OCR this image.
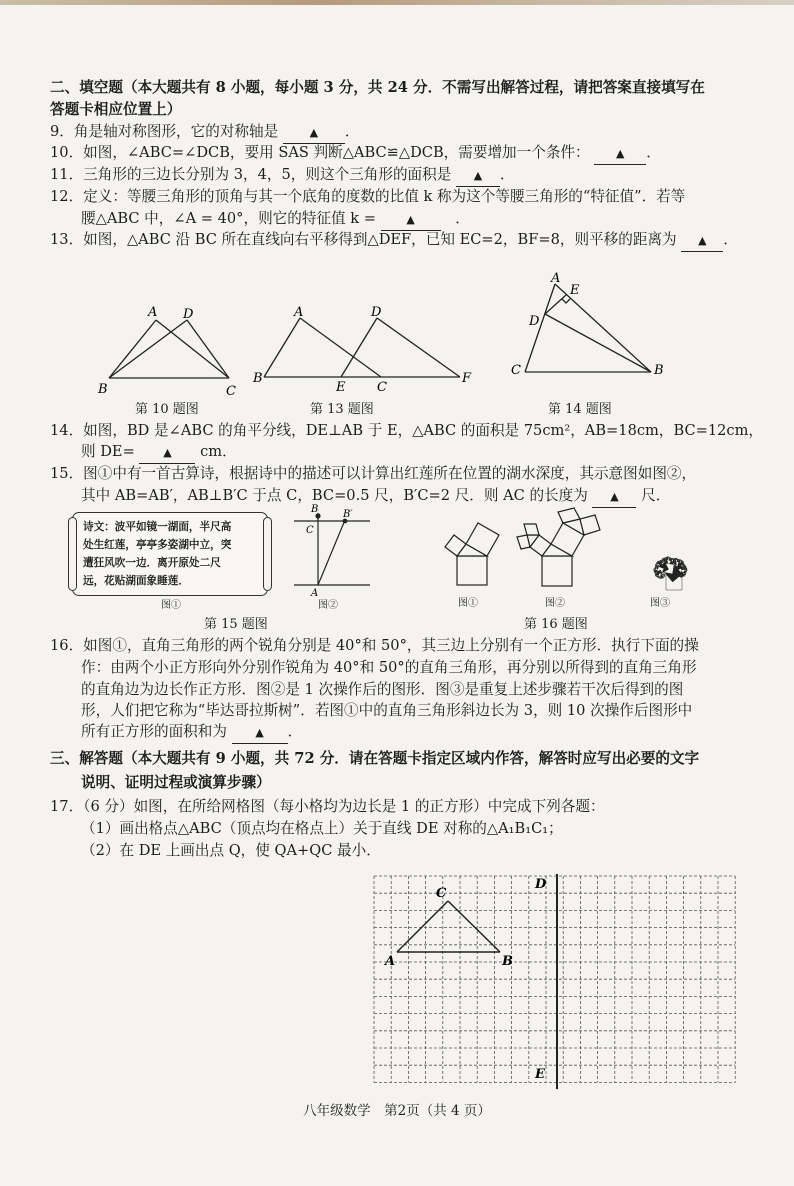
二、填空题（本大题共有 8 小题，每小题 3 分，共 24 分．不需写出解答过程，请把答案直接填写在
答题卡相应位置上）
9．角是轴对称图形，它的对称轴是	▲ ．
10．如图，∠ABC=∠DCB，要用 SAS 判断△ABC≌△DCB，需要增加一个条件： ▲ ．
11．三角形的三边长分别为 3，4，5，则这个三角形的面积是 ▲ ．
12．定义：等腰三角形的顶角与其一个底角的度数的比值 k 称为这个等腰三角形的“特征值”．若等
腰△ABC 中，∠A = 40°，则它的特征值 k =	▲　．
13．如图，△ABC 沿 BC 所在直线向右平移得到△DEF，已知 EC=2，BF=8，则平移的距离为 ▲ ．
A D
B	C
第 10 题图
A	D
B
E C
F
第 13 题图
A
E
D
C	B
第 14 题图
14．如图，BD 是∠ABC 的角平分线，DE⊥AB 于 E，△ABC 的面积是 75cm²，AB=18cm，BC=12cm，
则 DE=	▲ cm．
15．图①中有一首古算诗，根据诗中的描述可以计算出红莲所在位置的湖水深度，其示意图如图②，
其中 AB=AB′，AB⊥B′C 于点 C，BC=0.5 尺，B′C=2 尺．则 AC 的长度为 ▲ 尺．
诗文：波平如镜一湖面，半尺高
处生红莲，亭亭多姿湖中立，突
遭狂风吹一边．离开原处二尺
远，花贴湖面象睡莲．
图①
B B′
C
A
图②
第 15 题图
图①	图②	图③
第 16 题图
16．如图①，直角三角形的两个锐角分别是 40°和 50°，其三边上分别有一个正方形．执行下面的操
作：由两个小正方形向外分别作锐角为 40°和 50°的直角三角形，再分别以所得到的直角三角形
的直角边为边长作正方形．图②是 1 次操作后的图形．图③是重复上述步骤若干次后得到的图
形，人们把它称为“毕达哥拉斯树”．若图①中的直角三角形斜边长为 3，则 10 次操作后图形中
所有正方形的面积和为	▲ ．
三、解答题（本大题共有 9 小题，共 72 分．请在答题卡指定区域内作答，解答时应写出必要的文字
说明、证明过程或演算步骤）
17．（6 分）如图，在所给网格图（每小格均为边长是 1 的正方形）中完成下列各题：
（1）画出格点△ABC（顶点均在格点上）关于直线 DE 对称的△A₁B₁C₁；
（2）在 DE 上画出点 Q，使 QA+QC 最小．
C
D
A	B
E
八年级数学　第2页（共 4 页）
